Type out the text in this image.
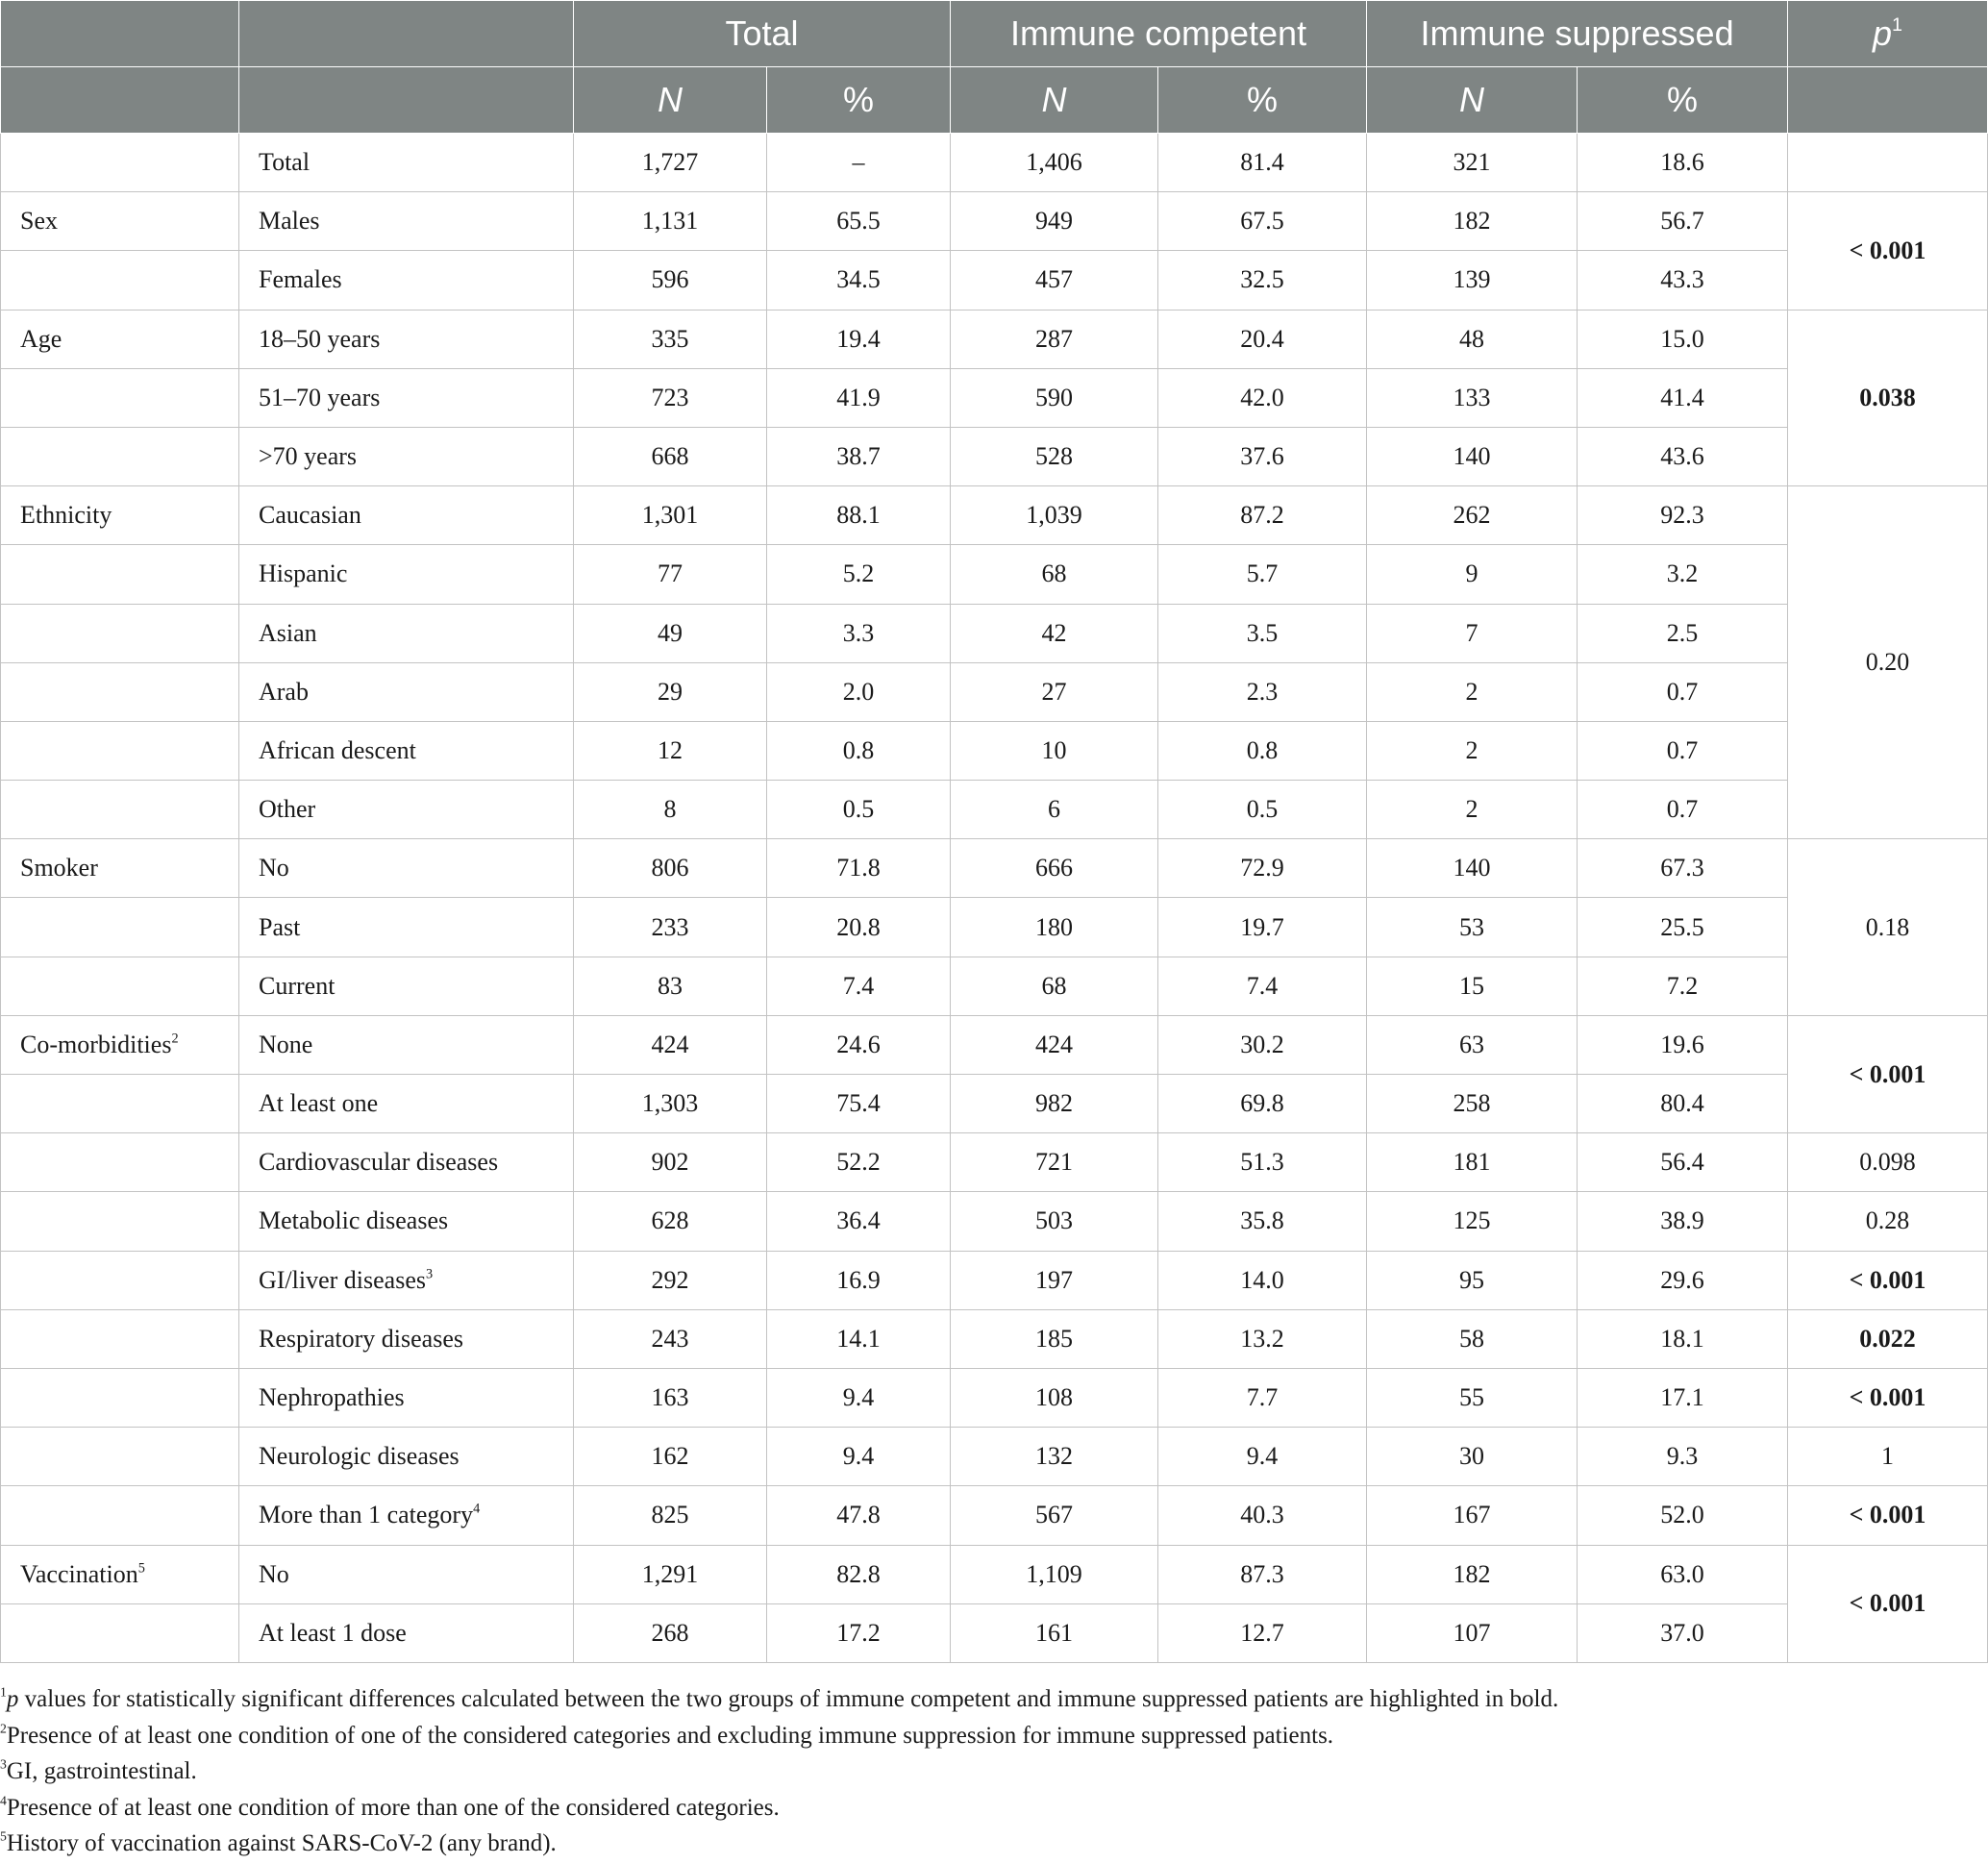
		Total		Immune competent		Immune suppressed		$p^1$
		N	%	N	%	N	%	
	Total	1,727	–	1,406	81.4	321	18.6	
Sex	Males	1,131	65.5	949	67.5	182	56.7	< 0.001
	Females	596	34.5	457	32.5	139	43.3	
Age	18–50 years	335	19.4	287	20.4	48	15.0	0.038
	51–70 years	723	41.9	590	42.0	133	41.4	
	>70 years	668	38.7	528	37.6	140	43.6	
Ethnicity	Caucasian	1,301	88.1	1,039	87.2	262	92.3	0.20
	Hispanic	77	5.2	68	5.7	9	3.2	
	Asian	49	3.3	42	3.5	7	2.5	
	Arab	29	2.0	27	2.3	2	0.7	
	African descent	12	0.8	10	0.8	2	0.7	
	Other	8	0.5	6	0.5	2	0.7	
Smoker	No	806	71.8	666	72.9	140	67.3	0.18
	Past	233	20.8	180	19.7	53	25.5	
	Current	83	7.4	68	7.4	15	7.2	
Co-morbidities$^2$	None	424	24.6	424	30.2	63	19.6	< 0.001
	At least one	1,303	75.4	982	69.8	258	80.4	
	Cardiovascular diseases	902	52.2	721	51.3	181	56.4	0.098
	Metabolic diseases	628	36.4	503	35.8	125	38.9	0.28
	GI/liver diseases$^3$	292	16.9	197	14.0	95	29.6	< 0.001
	Respiratory diseases	243	14.1	185	13.2	58	18.1	0.022
	Nephropathies	163	9.4	108	7.7	55	17.1	< 0.001
	Neurologic diseases	162	9.4	132	9.4	30	9.3	1
	More than 1 category$^4$	825	47.8	567	40.3	167	52.0	< 0.001
Vaccination$^5$	No	1,291	82.8	1,109	87.3	182	63.0	< 0.001
	At least 1 dose	268	17.2	161	12.7	107	37.0	
$^1$p values for statistically significant differences calculated between the two groups of immune competent and immune suppressed patients are highlighted in bold.
$^2$Presence of at least one condition of one of the considered categories and excluding immune suppression for immune suppressed patients.
$^3$GI, gastrointestinal.
$^4$Presence of at least one condition of more than one of the considered categories.
$^5$History of vaccination against SARS-CoV-2 (any brand).
